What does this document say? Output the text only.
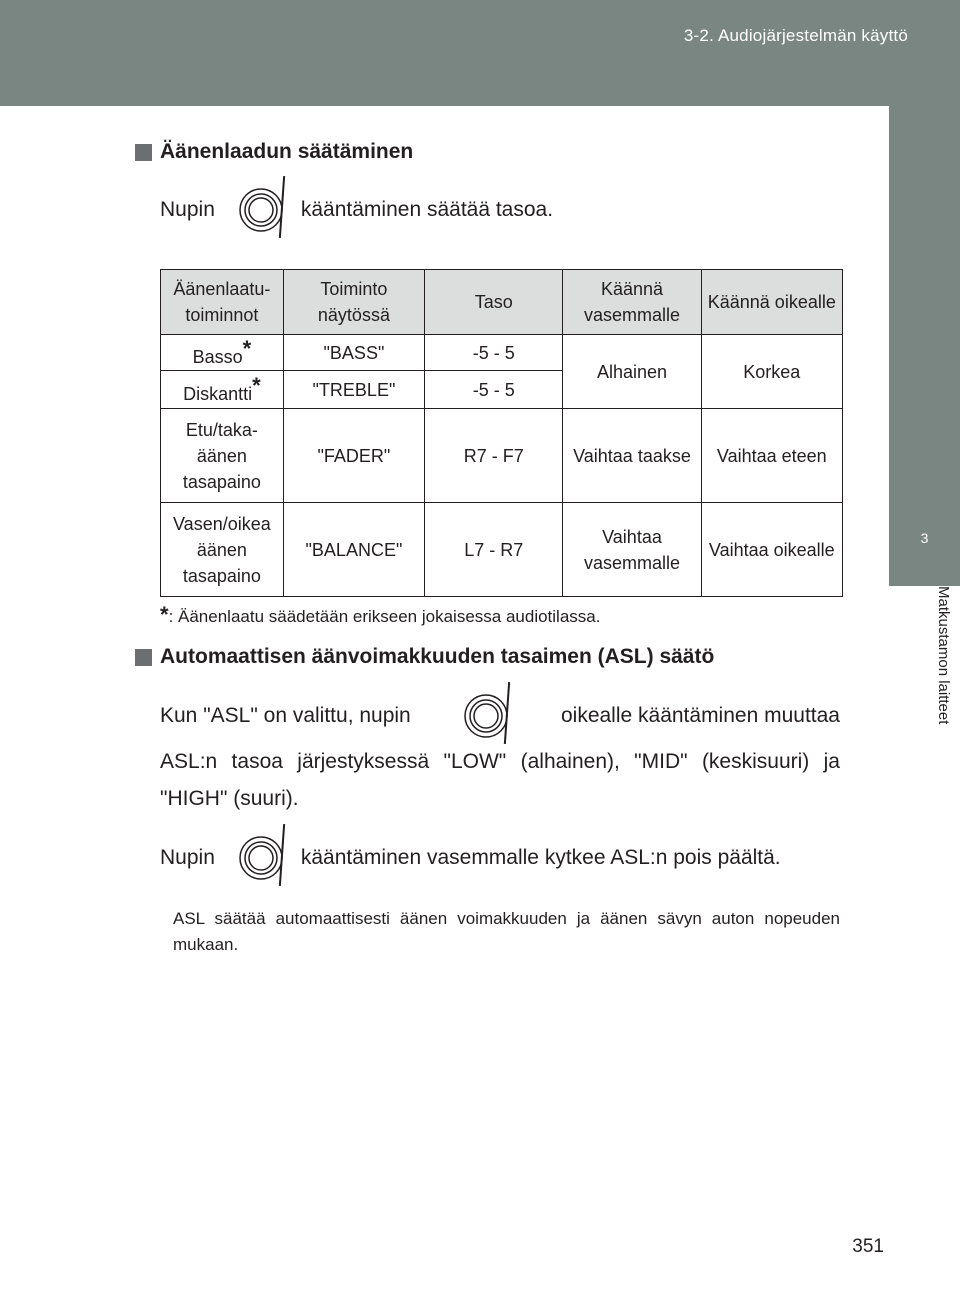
3-2. Audiojärjestelmän käyttö
3
Matkustamon laitteet
Äänenlaadun säätäminen
Nupin	kääntäminen säätää tasoa.
Äänenlaatu-toiminnot	Toiminto näytössä	Taso	Käännä vasemmalle	Käännä oikealle
Basso*	"BASS"	-5 - 5	Alhainen	Korkea
Diskantti*	"TREBLE"	-5 - 5		
Etu/taka-äänen tasapaino	"FADER"	R7 - F7	Vaihtaa taakse	Vaihtaa eteen
Vasen/oikea äänen tasapaino	"BALANCE"	L7 - R7	Vaihtaa vasemmalle	Vaihtaa oikealle
*: Äänenlaatu säädetään erikseen jokaisessa audiotilassa.
Automaattisen äänvoimakkuuden tasaimen (ASL) säätö
Kun "ASL" on valittu, nupin	oikealle kääntäminen muuttaa
ASL:n tasoa järjestyksessä "LOW" (alhainen), "MID" (keskisuuri) ja "HIGH" (suuri).
Nupin	kääntäminen vasemmalle kytkee ASL:n pois päältä.
ASL säätää automaattisesti äänen voimakkuuden ja äänen sävyn auton nopeuden mukaan.
351
